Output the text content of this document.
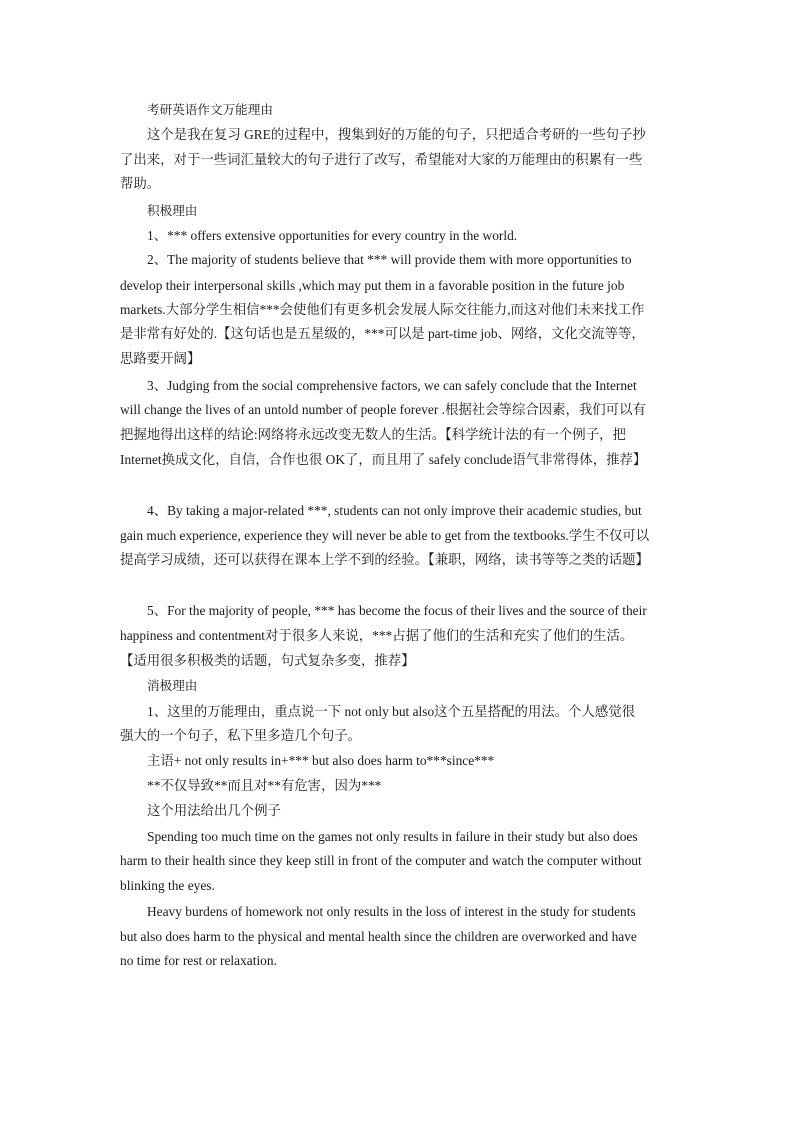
考研英语作文万能理由
这个是我在复习 GRE的过程中，搜集到好的万能的句子，只把适合考研的一些句子抄
了出来，对于一些词汇量较大的句子进行了改写，希望能对大家的万能理由的积累有一些
帮助。
积极理由
1、*** offers extensive opportunities for every country in the world.
2、The majority of students believe that *** will provide them with more opportunities to
develop their interpersonal skills ,which may put them in a favorable position in the future job
markets.大部分学生相信***会使他们有更多机会发展人际交往能力,而这对他们未来找工作
是非常有好处的.【这句话也是五星级的，***可以是 part-time job、网络，文化交流等等，
思路要开阔】
3、Judging from the social comprehensive factors, we can safely conclude that the Internet
will change the lives of an untold number of people forever .根据社会等综合因素，我们可以有
把握地得出这样的结论:网络将永远改变无数人的生活。【科学统计法的有一个例子，把
Internet换成文化，自信，合作也很 OK了，而且用了 safely conclude语气非常得体，推荐】
4、By taking a major-related ***, students can not only improve their academic studies, but
gain much experience, experience they will never be able to get from the textbooks.学生不仅可以
提高学习成绩，还可以获得在课本上学不到的经验。【兼职，网络，读书等等之类的话题】
5、For the majority of people, *** has become the focus of their lives and the source of their
happiness and contentment对于很多人来说，***占据了他们的生活和充实了他们的生活。
【适用很多积极类的话题，句式复杂多变，推荐】
消极理由
1、这里的万能理由，重点说一下 not only but also这个五星搭配的用法。个人感觉很
强大的一个句子，私下里多造几个句子。
主语+ not only results in+*** but also does harm to***since***
**不仅导致**而且对**有危害，因为***
这个用法给出几个例子
Spending too much time on the games not only results in failure in their study but also does
harm to their health since they keep still in front of the computer and watch the computer without
blinking the eyes.
Heavy burdens of homework not only results in the loss of interest in the study for students
but also does harm to the physical and mental health since the children are overworked and have
no time for rest or relaxation.
